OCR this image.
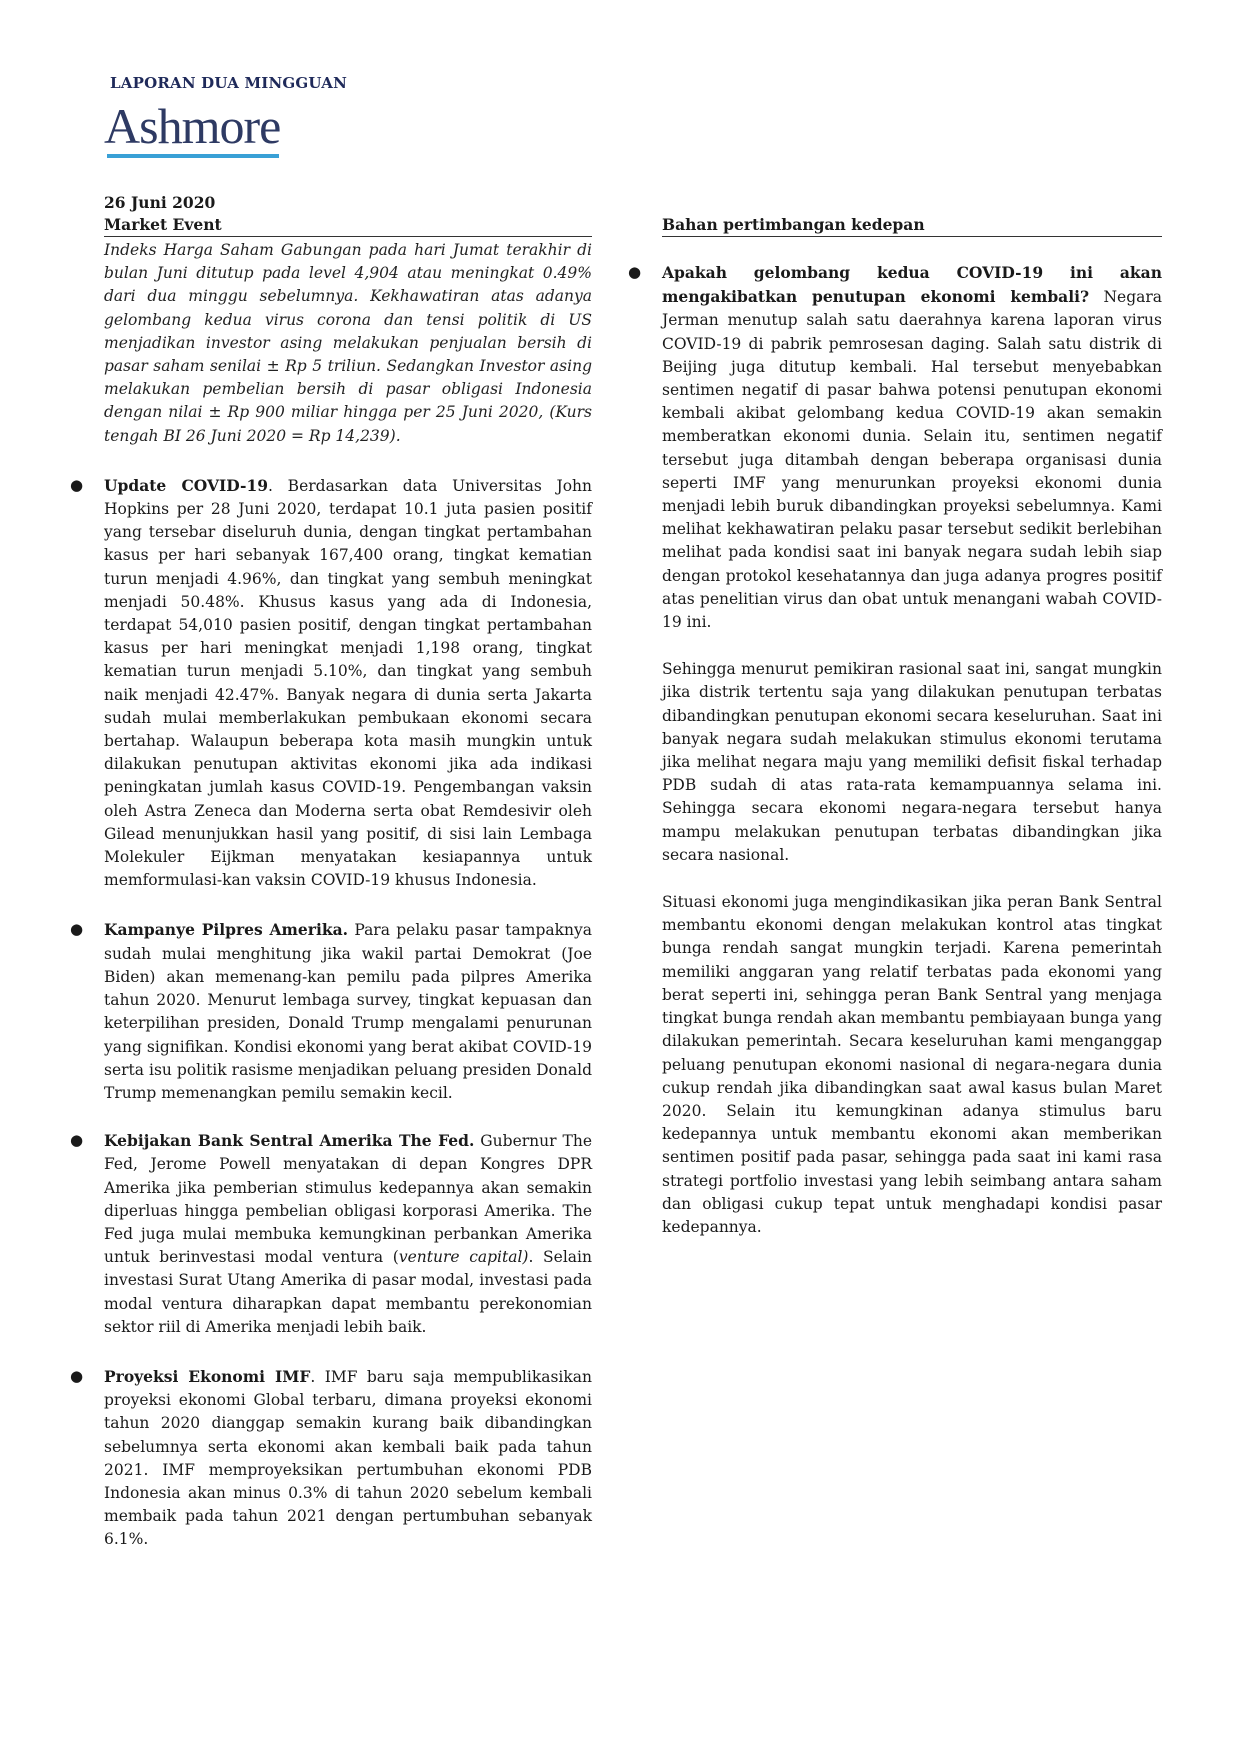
LAPORAN DUA MINGGUAN
Ashmore

26 Juni 2020

Market Event

Indeks Harga Saham Gabungan pada hari Jumat terakhir di bulan Juni ditutup pada level 4,904 atau meningkat 0.49% dari dua minggu sebelumnya. Kekhawatiran atas adanya gelombang kedua virus corona dan tensi politik di US menjadikan investor asing melakukan penjualan bersih di pasar saham senilai ± Rp 5 triliun. Sedangkan Investor asing melakukan pembelian bersih di pasar obligasi Indonesia dengan nilai ± Rp 900 miliar hingga per 25 Juni 2020, (Kurs tengah BI 26 Juni 2020 = Rp 14,239).

● Update COVID-19. Berdasarkan data Universitas John Hopkins per 28 Juni 2020, terdapat 10.1 juta pasien positif yang tersebar diseluruh dunia, dengan tingkat pertambahan kasus per hari sebanyak 167,400 orang, tingkat kematian turun menjadi 4.96%, dan tingkat yang sembuh meningkat menjadi 50.48%. Khusus kasus yang ada di Indonesia, terdapat 54,010 pasien positif, dengan tingkat pertambahan kasus per hari meningkat menjadi 1,198 orang, tingkat kematian turun menjadi 5.10%, dan tingkat yang sembuh naik menjadi 42.47%. Banyak negara di dunia serta Jakarta sudah mulai memberlakukan pembukaan ekonomi secara bertahap. Walaupun beberapa kota masih mungkin untuk dilakukan penutupan aktivitas ekonomi jika ada indikasi peningkatan jumlah kasus COVID-19. Pengembangan vaksin oleh Astra Zeneca dan Moderna serta obat Remdesivir oleh Gilead menunjukkan hasil yang positif, di sisi lain Lembaga Molekuler Eijkman menyatakan kesiapannya untuk memformulasi-kan vaksin COVID-19 khusus Indonesia.

● Kampanye Pilpres Amerika. Para pelaku pasar tampaknya sudah mulai menghitung jika wakil partai Demokrat (Joe Biden) akan memenang-kan pemilu pada pilpres Amerika tahun 2020. Menurut lembaga survey, tingkat kepuasan dan keterpilihan presiden, Donald Trump mengalami penurunan yang signifikan. Kondisi ekonomi yang berat akibat COVID-19 serta isu politik rasisme menjadikan peluang presiden Donald Trump memenangkan pemilu semakin kecil.

● Kebijakan Bank Sentral Amerika The Fed. Gubernur The Fed, Jerome Powell menyatakan di depan Kongres DPR Amerika jika pemberian stimulus kedepannya akan semakin diperluas hingga pembelian obligasi korporasi Amerika. The Fed juga mulai membuka kemungkinan perbankan Amerika untuk berinvestasi modal ventura (venture capital). Selain investasi Surat Utang Amerika di pasar modal, investasi pada modal ventura diharapkan dapat membantu perekonomian sektor riil di Amerika menjadi lebih baik.

● Proyeksi Ekonomi IMF. IMF baru saja mempublikasikan proyeksi ekonomi Global terbaru, dimana proyeksi ekonomi tahun 2020 dianggap semakin kurang baik dibandingkan sebelumnya serta ekonomi akan kembali baik pada tahun 2021. IMF memproyeksikan pertumbuhan ekonomi PDB Indonesia akan minus 0.3% di tahun 2020 sebelum kembali membaik pada tahun 2021 dengan pertumbuhan sebanyak 6.1%.

Bahan pertimbangan kedepan

● Apakah gelombang kedua COVID-19 ini akan mengakibatkan penutupan ekonomi kembali? Negara Jerman menutup salah satu daerahnya karena laporan virus COVID-19 di pabrik pemrosesan daging. Salah satu distrik di Beijing juga ditutup kembali. Hal tersebut menyebabkan sentimen negatif di pasar bahwa potensi penutupan ekonomi kembali akibat gelombang kedua COVID-19 akan semakin memberatkan ekonomi dunia. Selain itu, sentimen negatif tersebut juga ditambah dengan beberapa organisasi dunia seperti IMF yang menurunkan proyeksi ekonomi dunia menjadi lebih buruk dibandingkan proyeksi sebelumnya. Kami melihat kekhawatiran pelaku pasar tersebut sedikit berlebihan melihat pada kondisi saat ini banyak negara sudah lebih siap dengan protokol kesehatannya dan juga adanya progres positif atas penelitian virus dan obat untuk menangani wabah COVID-19 ini.

Sehingga menurut pemikiran rasional saat ini, sangat mungkin jika distrik tertentu saja yang dilakukan penutupan terbatas dibandingkan penutupan ekonomi secara keseluruhan. Saat ini banyak negara sudah melakukan stimulus ekonomi terutama jika melihat negara maju yang memiliki defisit fiskal terhadap PDB sudah di atas rata-rata kemampuannya selama ini. Sehingga secara ekonomi negara-negara tersebut hanya mampu melakukan penutupan terbatas dibandingkan jika secara nasional.

Situasi ekonomi juga mengindikasikan jika peran Bank Sentral membantu ekonomi dengan melakukan kontrol atas tingkat bunga rendah sangat mungkin terjadi. Karena pemerintah memiliki anggaran yang relatif terbatas pada ekonomi yang berat seperti ini, sehingga peran Bank Sentral yang menjaga tingkat bunga rendah akan membantu pembiayaan bunga yang dilakukan pemerintah. Secara keseluruhan kami menganggap peluang penutupan ekonomi nasional di negara-negara dunia cukup rendah jika dibandingkan saat awal kasus bulan Maret 2020. Selain itu kemungkinan adanya stimulus baru kedepannya untuk membantu ekonomi akan memberikan sentimen positif pada pasar, sehingga pada saat ini kami rasa strategi portfolio investasi yang lebih seimbang antara saham dan obligasi cukup tepat untuk menghadapi kondisi pasar kedepannya.
